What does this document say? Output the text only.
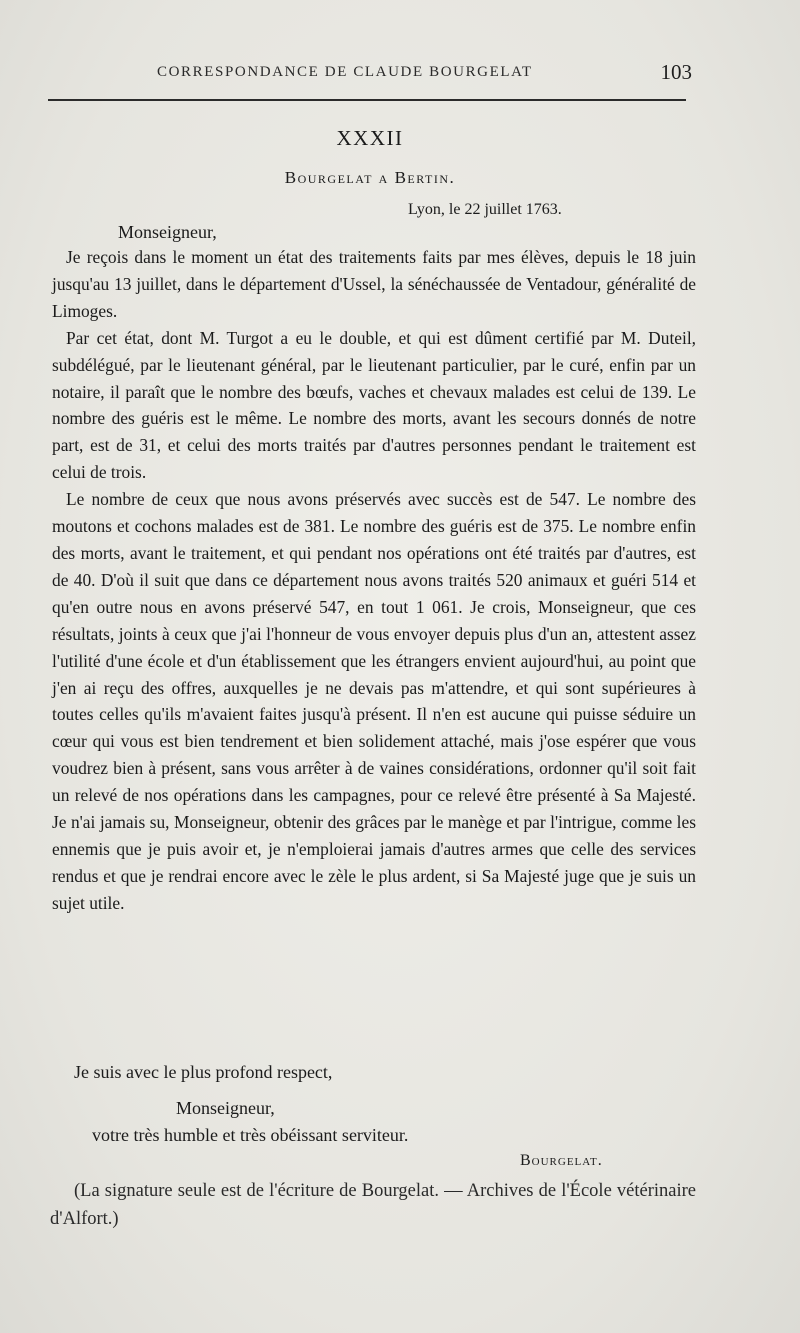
CORRESPONDANCE DE CLAUDE BOURGELAT	103
XXXII
Bourgelat a Bertin.
Lyon, le 22 juillet 1763.
Monseigneur,

Je reçois dans le moment un état des traitements faits par mes élèves, depuis le 18 juin jusqu'au 13 juillet, dans le département d'Ussel, la sénéchaussée de Ventadour, généralité de Limoges.

Par cet état, dont M. Turgot a eu le double, et qui est dûment certifié par M. Duteil, subdélégué, par le lieutenant général, par le lieutenant particulier, par le curé, enfin par un notaire, il paraît que le nombre des bœufs, vaches et chevaux malades est celui de 139. Le nombre des guéris est le même. Le nombre des morts, avant les secours donnés de notre part, est de 31, et celui des morts traités par d'autres personnes pendant le traitement est celui de trois.

Le nombre de ceux que nous avons préservés avec succès est de 547. Le nombre des moutons et cochons malades est de 381. Le nombre des guéris est de 375. Le nombre enfin des morts, avant le traitement, et qui pendant nos opérations ont été traités par d'autres, est de 40. D'où il suit que dans ce département nous avons traités 520 animaux et guéri 514 et qu'en outre nous en avons préservé 547, en tout 1 061. Je crois, Monseigneur, que ces résultats, joints à ceux que j'ai l'honneur de vous envoyer depuis plus d'un an, attestent assez l'utilité d'une école et d'un établissement que les étrangers envient aujourd'hui, au point que j'en ai reçu des offres, auxquelles je ne devais pas m'attendre, et qui sont supérieures à toutes celles qu'ils m'avaient faites jusqu'à présent. Il n'en est aucune qui puisse séduire un cœur qui vous est bien tendrement et bien solidement attaché, mais j'ose espérer que vous voudrez bien à présent, sans vous arrêter à de vaines considérations, ordonner qu'il soit fait un relevé de nos opérations dans les campagnes, pour ce relevé être présenté à Sa Majesté. Je n'ai jamais su, Monseigneur, obtenir des grâces par le manège et par l'intrigue, comme les ennemis que je puis avoir et, je n'emploierai jamais d'autres armes que celle des services rendus et que je rendrai encore avec le zèle le plus ardent, si Sa Majesté juge que je suis un sujet utile.

Je suis avec le plus profond respect,
Monseigneur,
votre très humble et très obéissant serviteur.
Bourgelat.
(La signature seule est de l'écriture de Bourgelat. — Archives de l'École vétérinaire d'Alfort.)
